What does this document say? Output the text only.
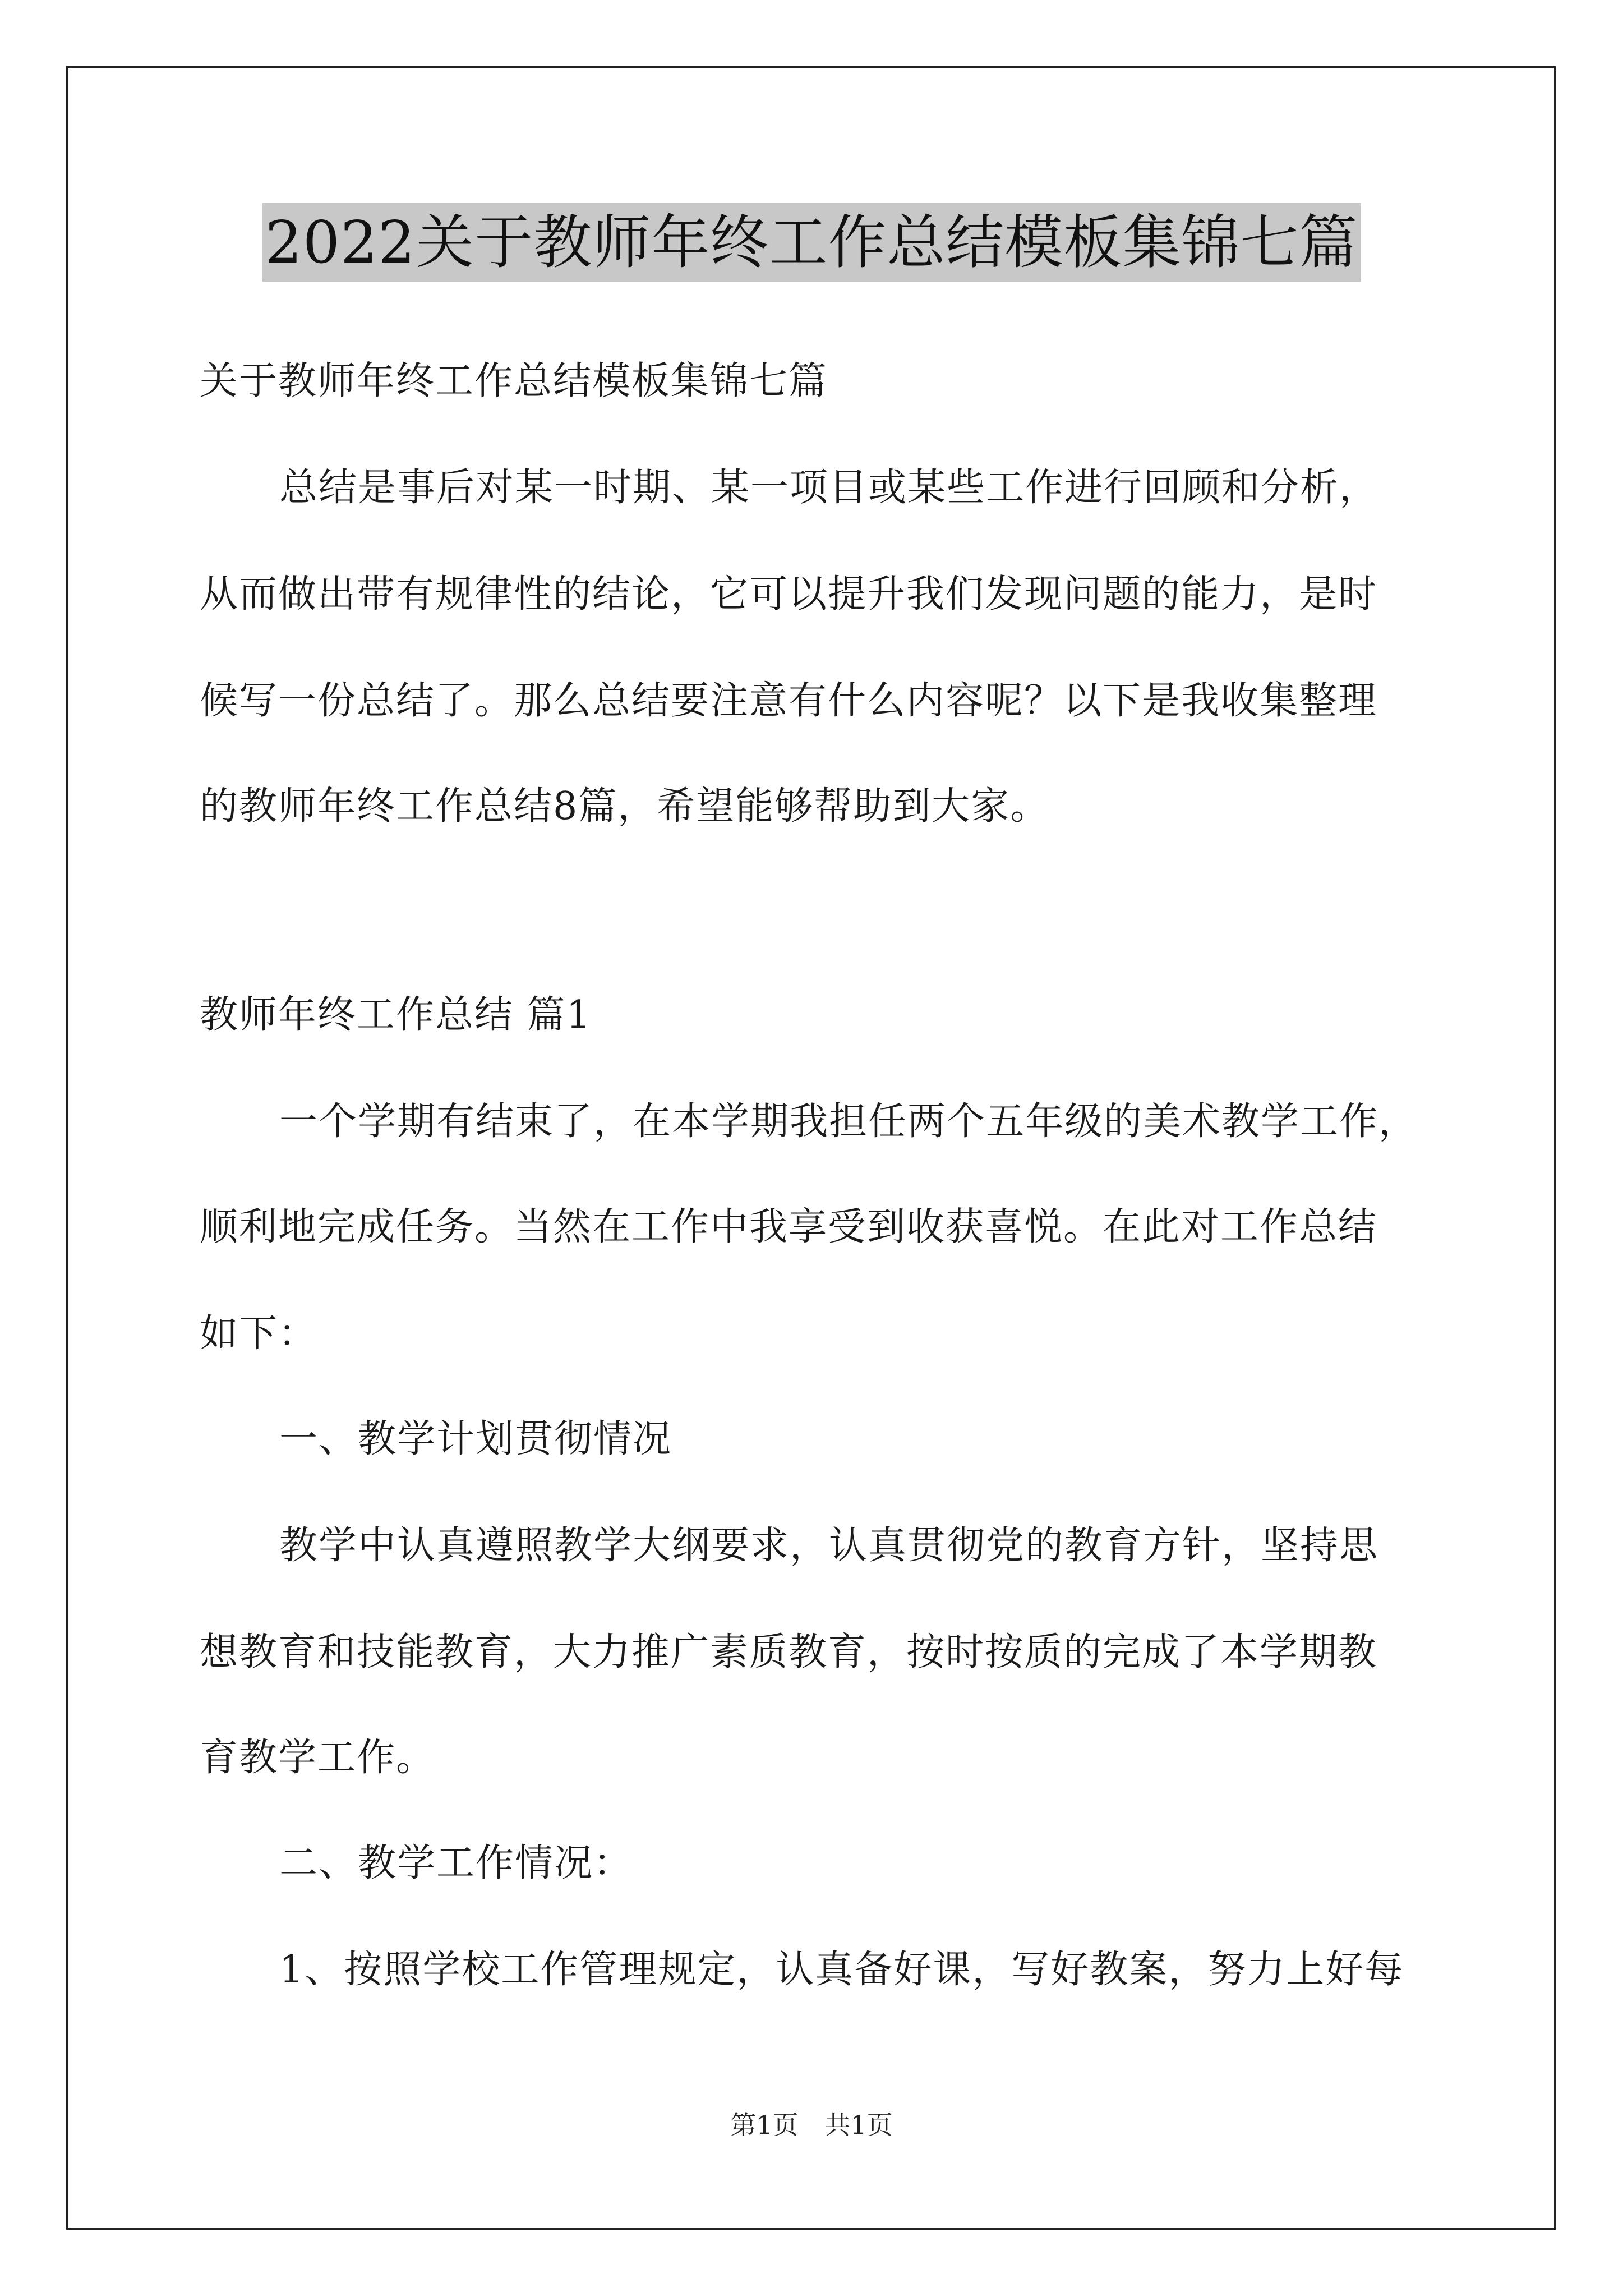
2022关于教师年终工作总结模板集锦七篇
关于教师年终工作总结模板集锦七篇
总结是事后对某一时期、某一项目或某些工作进行回顾和分析，
从而做出带有规律性的结论，它可以提升我们发现问题的能力，是时
候写一份总结了。那么总结要注意有什么内容呢？以下是我收集整理
的教师年终工作总结8篇，希望能够帮助到大家。
教师年终工作总结 篇1
一个学期有结束了，在本学期我担任两个五年级的美术教学工作，
顺利地完成任务。当然在工作中我享受到收获喜悦。在此对工作总结
如下：
一、教学计划贯彻情况
教学中认真遵照教学大纲要求，认真贯彻党的教育方针，坚持思
想教育和技能教育，大力推广素质教育，按时按质的完成了本学期教
育教学工作。
二、教学工作情况：
1、按照学校工作管理规定，认真备好课，写好教案，努力上好每
第1页 共1页
